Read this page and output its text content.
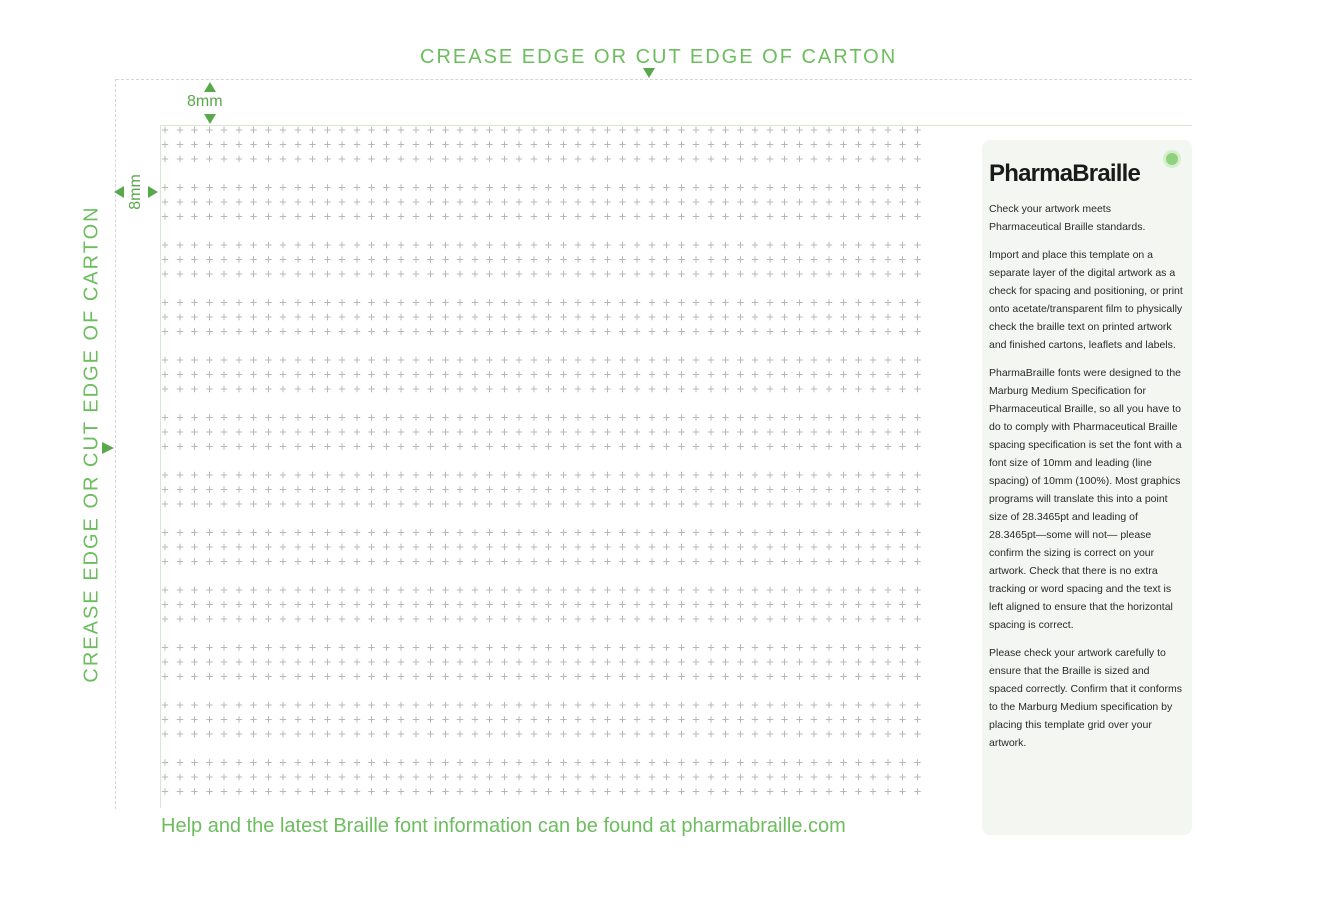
CREASE EDGE OR CUT EDGE OF CARTON
CREASE EDGE OR CUT EDGE OF CARTON
8mm
8mm
Help and the latest Braille font information can be found at pharmabraille.com
PharmaBraille

Check your artwork meets Pharmaceutical Braille standards.

Import and place this template on a separate layer of the digital artwork as a check for spacing and positioning, or print onto acetate/transparent film to physically check the braille text on printed artwork and finished cartons, leaflets and labels.

PharmaBraille fonts were designed to the Marburg Medium Specification for Pharmaceutical Braille, so all you have to do to comply with Pharmaceutical Braille spacing specification is set the font with a font size of 10mm and leading (line spacing) of 10mm (100%). Most graphics programs will translate this into a point size of 28.3465pt and leading of 28.3465pt—some will not— please confirm the sizing is correct on your artwork. Check that there is no extra tracking or word spacing and the text is left aligned to ensure that the horizontal spacing is correct.

Please check your artwork carefully to ensure that the Braille is sized and spaced correctly. Confirm that it conforms to the Marburg Medium specification by placing this template grid over your artwork.
